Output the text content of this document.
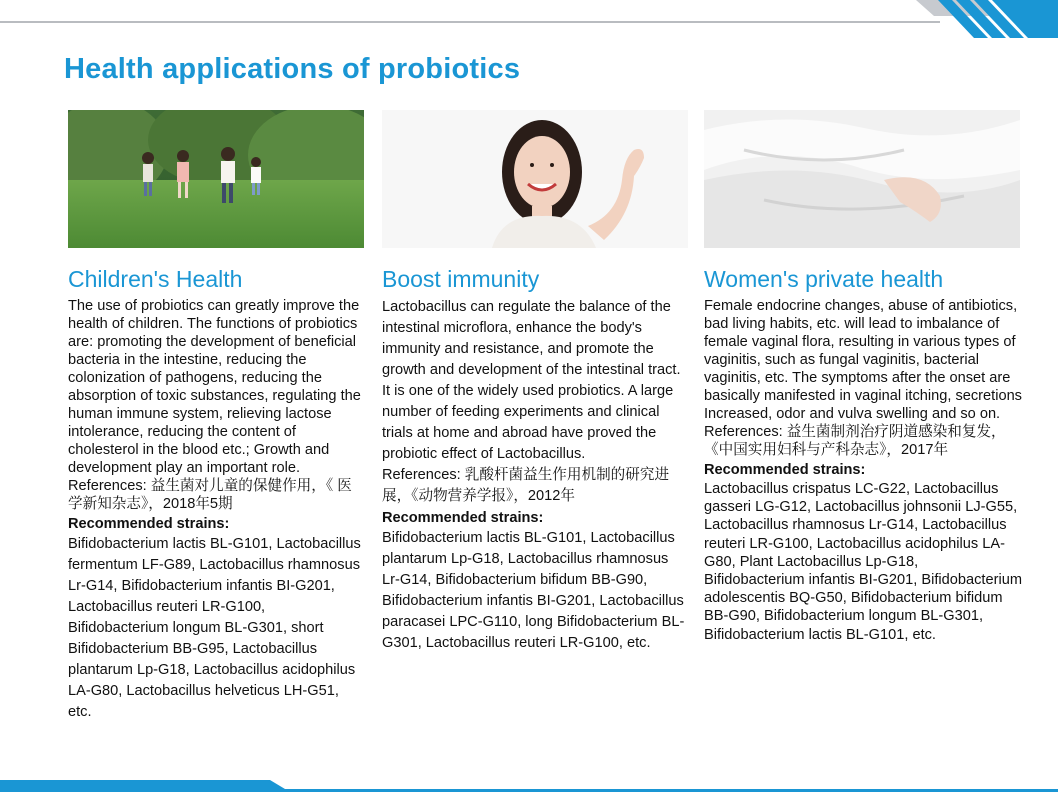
Health applications of probiotics
Children's Health

The use of probiotics can greatly improve the health of children. The functions of probiotics are: promoting the development of beneficial bacteria in the intestine, reducing the colonization of pathogens, reducing the absorption of toxic substances, regulating the human immune system, relieving lactose intolerance, reducing the content of cholesterol in the blood etc.; Growth and development play an important role.

References: 益生菌对儿童的保健作用，《 医学新知杂志》，2018年5期

Recommended strains:

Bifidobacterium lactis BL-G101, Lactobacillus fermentum LF-G89, Lactobacillus rhamnosus Lr-G14, Bifidobacterium infantis BI-G201, Lactobacillus reuteri LR-G100, Bifidobacterium longum BL-G301, short Bifidobacterium BB-G95, Lactobacillus plantarum Lp-G18, Lactobacillus acidophilus LA-G80, Lactobacillus helveticus LH-G51, etc.

Boost immunity

Lactobacillus can regulate the balance of the intestinal microflora, enhance the body's immunity and resistance, and promote the growth and development of the intestinal tract. It is one of the widely used probiotics. A large number of feeding experiments and clinical trials at home and abroad have proved the probiotic effect of Lactobacillus.

References: 乳酸杆菌益生作用机制的研究进展，《动物营养学报》，2012年

Recommended strains:

Bifidobacterium lactis BL-G101, Lactobacillus plantarum Lp-G18, Lactobacillus rhamnosus Lr-G14, Bifidobacterium bifidum BB-G90, Bifidobacterium infantis BI-G201, Lactobacillus paracasei LPC-G110, long Bifidobacterium BL-G301, Lactobacillus reuteri LR-G100, etc.

Women's private health

Female endocrine changes, abuse of antibiotics, bad living habits, etc. will lead to imbalance of female vaginal flora, resulting in various types of vaginitis, such as fungal vaginitis, bacterial vaginitis, etc. The symptoms after the onset are basically manifested in vaginal itching, secretions Increased, odor and vulva swelling and so on.

References: 益生菌制剂治疗阴道感染和复发，《中国实用妇科与产科杂志》，2017年

Recommended strains:

Lactobacillus crispatus LC-G22, Lactobacillus gasseri LG-G12, Lactobacillus johnsonii LJ-G55, Lactobacillus rhamnosus Lr-G14, Lactobacillus reuteri LR-G100, Lactobacillus acidophilus LA-G80, Plant Lactobacillus Lp-G18, Bifidobacterium infantis BI-G201, Bifidobacterium adolescentis BQ-G50, Bifidobacterium bifidum BB-G90, Bifidobacterium longum BL-G301, Bifidobacterium lactis BL-G101, etc.
